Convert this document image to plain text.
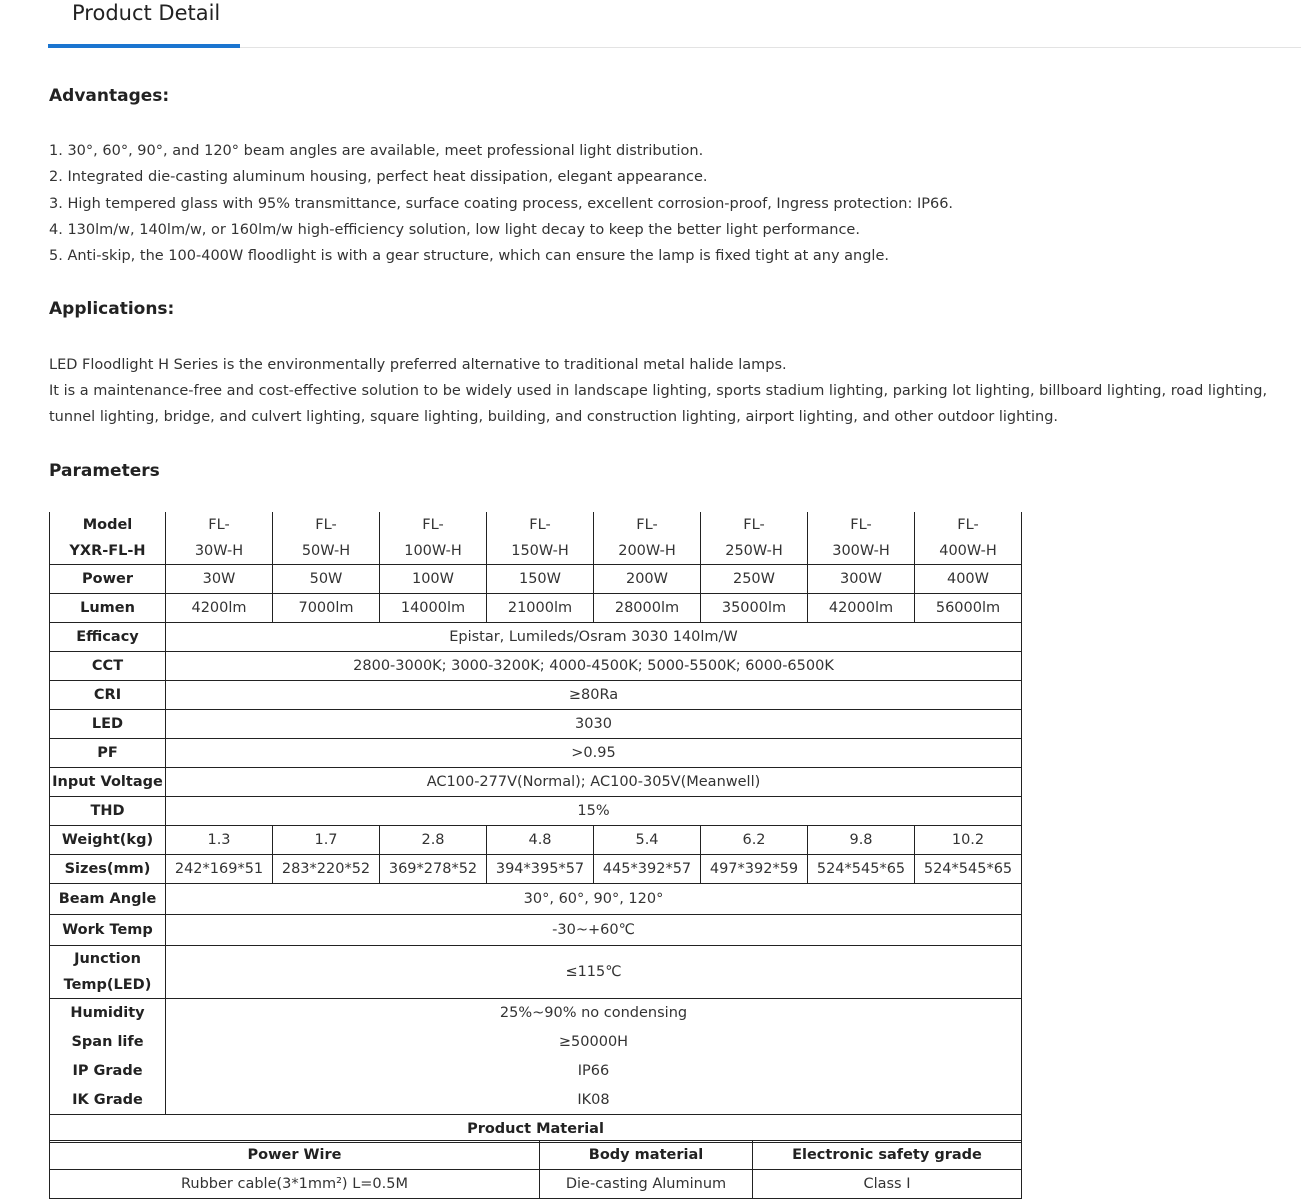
Product Detail
Advantages:
1. 30°, 60°, 90°, and 120° beam angles are available, meet professional light distribution.
2. Integrated die-casting aluminum housing, perfect heat dissipation, elegant appearance.
3. High tempered glass with 95% transmittance, surface coating process, excellent corrosion-proof, Ingress protection: IP66.
4. 130lm/w, 140lm/w, or 160lm/w high-efficiency solution, low light decay to keep the better light performance.
5. Anti-skip, the 100-400W floodlight is with a gear structure, which can ensure the lamp is fixed tight at any angle.
Applications:
LED Floodlight H Series is the environmentally preferred alternative to traditional metal halide lamps.
It is a maintenance-free and cost-effective solution to be widely used in landscape lighting, sports stadium lighting, parking lot lighting, billboard lighting, road lighting, tunnel lighting, bridge, and culvert lighting, square lighting, building, and construction lighting, airport lighting, and other outdoor lighting.
Parameters
Model	FL-	FL-	FL-	FL-	FL-	FL-	FL-	FL-
YXR-FL-H	30W-H	50W-H	100W-H	150W-H	200W-H	250W-H	300W-H	400W-H
Power	30W	50W	100W	150W	200W	250W	300W	400W
Lumen	4200lm	7000lm	14000lm	21000lm	28000lm	35000lm	42000lm	56000lm
Efficacy	Epistar, Lumileds/Osram 3030 140lm/W							
CCT	2800-3000K; 3000-3200K; 4000-4500K; 5000-5500K; 6000-6500K							
CRI	≥80Ra							
LED	3030							
PF	>0.95							
Input Voltage	AC100-277V(Normal); AC100-305V(Meanwell)							
THD	15%							
Weight(kg)	1.3	1.7	2.8	4.8	5.4	6.2	9.8	10.2
Sizes(mm)	242*169*51	283*220*52	369*278*52	394*395*57	445*392*57	497*392*59	524*545*65	524*545*65
Beam Angle	30°, 60°, 90°, 120°							
Work Temp	-30~+60℃							

Junction
Temp(LED)	≤115℃							
Humidity	25%~90% no condensing							
Span life	≥50000H							
IP Grade	IP66							
IK Grade	IK08							
Product Material								
Power Wire	Body material	Electronic safety grade
Rubber cable(3*1mm²) L=0.5M	Die-casting Aluminum	Class I
